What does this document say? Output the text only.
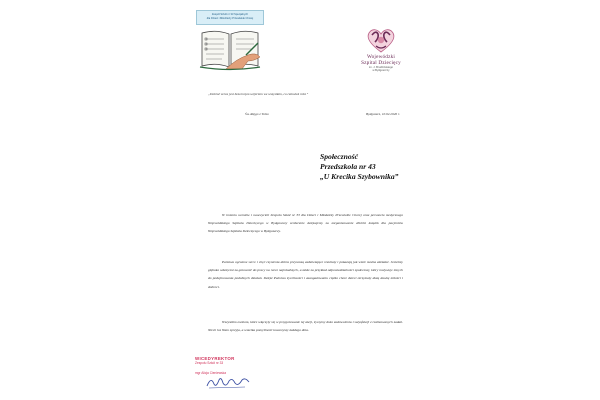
Zespół Szkół nr 33 Specjalnych
dla Dzieci i Młodzieży Przewlekle Chorej
Wojewódzki
Szpital Dziecięcy
im. J. Brudzińskiego
w Bydgoszczy
„Dobroć serca jest bezcennym wejściem we wszystkim, co człowiek robi.”
Św. Rajgo z Tolso	Bydgoszcz, 10.02.2026 r.
Społeczność
Przedszkola nr 43
„U Krecika Szybownika”
W imieniu uczniów i nauczycieli Zespołu Szkół nr 33 dla Dzieci i Młodzieży Przewlekle Chorej oraz personelu medycznego Wojewódzkiego Szpitala Dziecięcego w Bydgoszczy serdecznie dziękujemy za zorganizowanie zbiórki książek dla pacjentów Wojewódzkiego Szpitala Dziecięcego w Bydgoszczy.
Państwa ogromne serce i chęć czynienia dobra przynoszą zadziwiające rezultaty i pokazują jak wiele można zdziałać. Jesteśmy głęboko wdzięczni za gotowość do pracy na rzecz najmłodszych, a także za przykład odpowiedzialności społecznej, który motywuje innych do podejmowania podobnych działań. Dzięki Państwu życzliwości i zaangażowaniu ciężko chore dzieci otrzymały dużą dawkę miłości i dobroci.
Wszystkim osobom, które włączyły się w przygotowanie tej akcji, życzymy dużo zadowolenia i satysfakcji z realizowanych zadań. Niech los Wam sprzyja, a wszelka pomyślność towarzyszy każdego dnia.
WICEDYREKTOR
Zespołu Szkół nr 33
mgr Alicja Cieniewska
